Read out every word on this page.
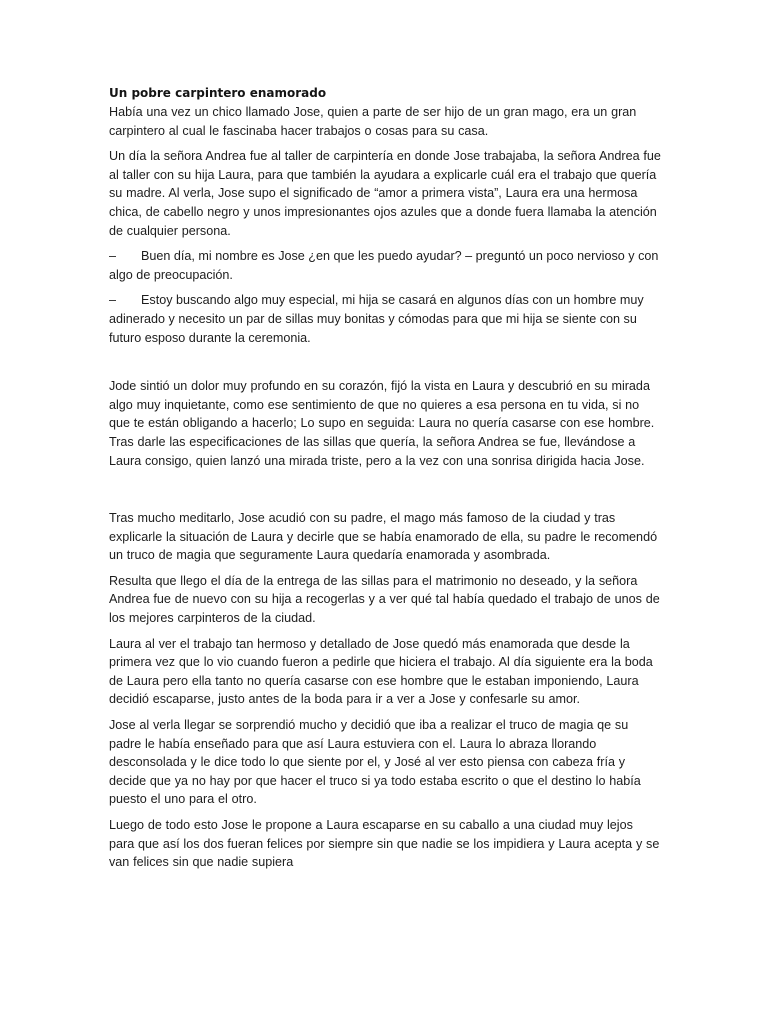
Un pobre carpintero enamorado

Había una vez un chico llamado Jose, quien a parte de ser hijo de un gran mago, era un gran carpintero al cual le fascinaba hacer trabajos o cosas para su casa.

Un día la señora Andrea fue al taller de carpintería en donde Jose trabajaba, la señora Andrea fue al taller con su hija Laura, para que también la ayudara a explicarle cuál era el trabajo que quería su madre. Al verla, Jose supo el significado de “amor a primera vista”, Laura era una hermosa chica, de cabello negro y unos impresionantes ojos azules que a donde fuera llamaba la atención de cualquier persona.

– Buen día, mi nombre es Jose ¿en que les puedo ayudar? – preguntó un poco nervioso y con algo de preocupación.

– Estoy buscando algo muy especial, mi hija se casará en algunos días con un hombre muy adinerado y necesito un par de sillas muy bonitas y cómodas para que mi hija se siente con su futuro esposo durante la ceremonia.

Jode sintió un dolor muy profundo en su corazón, fijó la vista en Laura y descubrió en su mirada algo muy inquietante, como ese sentimiento de que no quieres a esa persona en tu vida, si no que te están obligando a hacerlo; Lo supo en seguida: Laura no quería casarse con ese hombre. Tras darle las especificaciones de las sillas que quería, la señora Andrea se fue, llevándose a Laura consigo, quien lanzó una mirada triste, pero a la vez con una sonrisa dirigida hacia Jose.

Tras mucho meditarlo, Jose acudió con su padre, el mago más famoso de la ciudad y tras explicarle la situación de Laura y decirle que se había enamorado de ella, su padre le recomendó un truco de magia que seguramente Laura quedaría enamorada y asombrada.

Resulta que llego el día de la entrega de las sillas para el matrimonio no deseado, y la señora Andrea fue de nuevo con su hija a recogerlas y a ver qué tal había quedado el trabajo de unos de los mejores carpinteros de la ciudad.

Laura al ver el trabajo tan hermoso y detallado de Jose quedó más enamorada que desde la primera vez que lo vio cuando fueron a pedirle que hiciera el trabajo. Al día siguiente era la boda de Laura pero ella tanto no quería casarse con ese hombre que le estaban imponiendo, Laura decidió escaparse, justo antes de la boda para ir a ver a Jose y confesarle su amor.

Jose al verla llegar se sorprendió mucho y decidió que iba a realizar el truco de magia qe su padre le había enseñado para que así Laura estuviera con el. Laura lo abraza llorando desconsolada y le dice todo lo que siente por el, y José al ver esto piensa con cabeza fría y decide que ya no hay por que hacer el truco si ya todo estaba escrito o que el destino lo había puesto el uno para el otro.

Luego de todo esto Jose le propone a Laura escaparse en su caballo a una ciudad muy lejos para que así los dos fueran felices por siempre sin que nadie se los impidiera y Laura acepta y se van felices sin que nadie supiera
